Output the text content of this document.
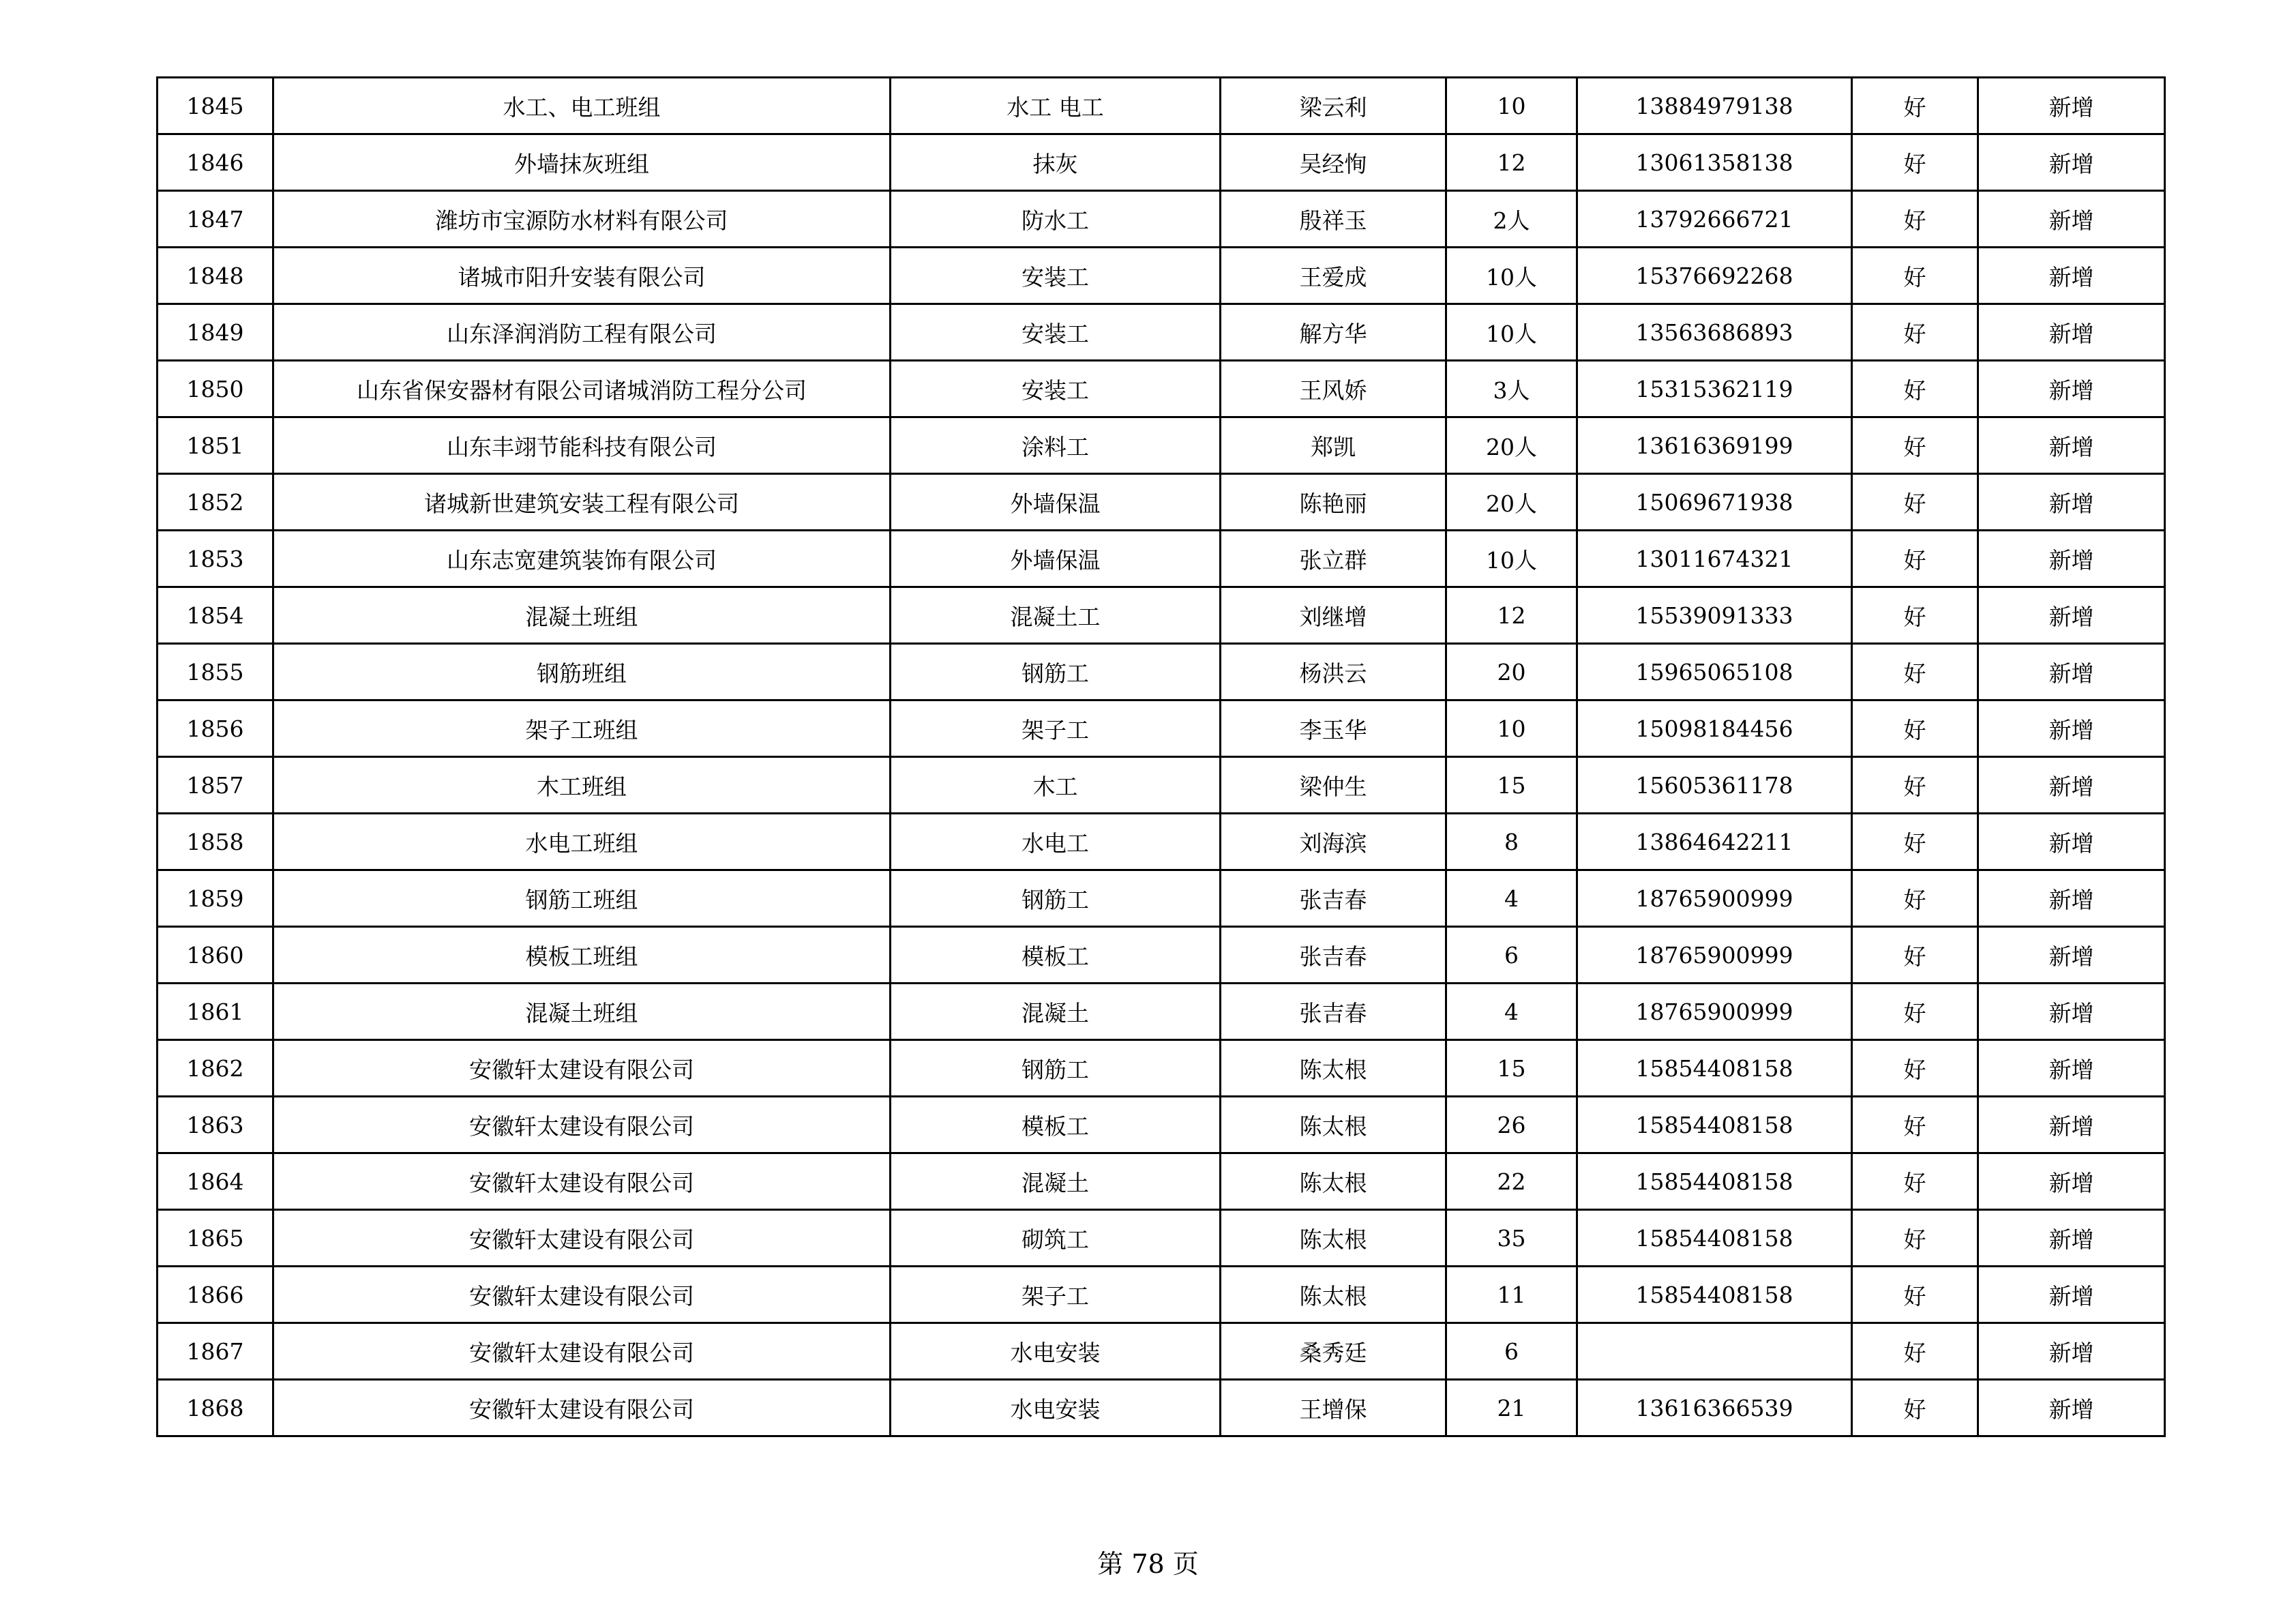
1845	水工、电工班组	水工 电工	梁云利	10	13884979138	好	新增
1846	外墙抹灰班组	抹灰	吴经恂	12	13061358138	好	新增
1847	潍坊市宝源防水材料有限公司	防水工	殷祥玉	2人	13792666721	好	新增
1848	诸城市阳升安装有限公司	安装工	王爱成	10人	15376692268	好	新增
1849	山东泽润消防工程有限公司	安装工	解方华	10人	13563686893	好	新增
1850	山东省保安器材有限公司诸城消防工程分公司	安装工	王风娇	3人	15315362119	好	新增
1851	山东丰翊节能科技有限公司	涂料工	郑凯	20人	13616369199	好	新增
1852	诸城新世建筑安装工程有限公司	外墙保温	陈艳丽	20人	15069671938	好	新增
1853	山东志宽建筑装饰有限公司	外墙保温	张立群	10人	13011674321	好	新增
1854	混凝土班组	混凝土工	刘继增	12	15539091333	好	新增
1855	钢筋班组	钢筋工	杨洪云	20	15965065108	好	新增
1856	架子工班组	架子工	李玉华	10	15098184456	好	新增
1857	木工班组	木工	梁仲生	15	15605361178	好	新增
1858	水电工班组	水电工	刘海滨	8	13864642211	好	新增
1859	钢筋工班组	钢筋工	张吉春	4	18765900999	好	新增
1860	模板工班组	模板工	张吉春	6	18765900999	好	新增
1861	混凝土班组	混凝土	张吉春	4	18765900999	好	新增
1862	安徽轩太建设有限公司	钢筋工	陈太根	15	15854408158	好	新增
1863	安徽轩太建设有限公司	模板工	陈太根	26	15854408158	好	新增
1864	安徽轩太建设有限公司	混凝土	陈太根	22	15854408158	好	新增
1865	安徽轩太建设有限公司	砌筑工	陈太根	35	15854408158	好	新增
1866	安徽轩太建设有限公司	架子工	陈太根	11	15854408158	好	新增
1867	安徽轩太建设有限公司	水电安装	桑秀廷	6		好	新增
1868	安徽轩太建设有限公司	水电安装	王增保	21	13616366539	好	新增
第 78 页
